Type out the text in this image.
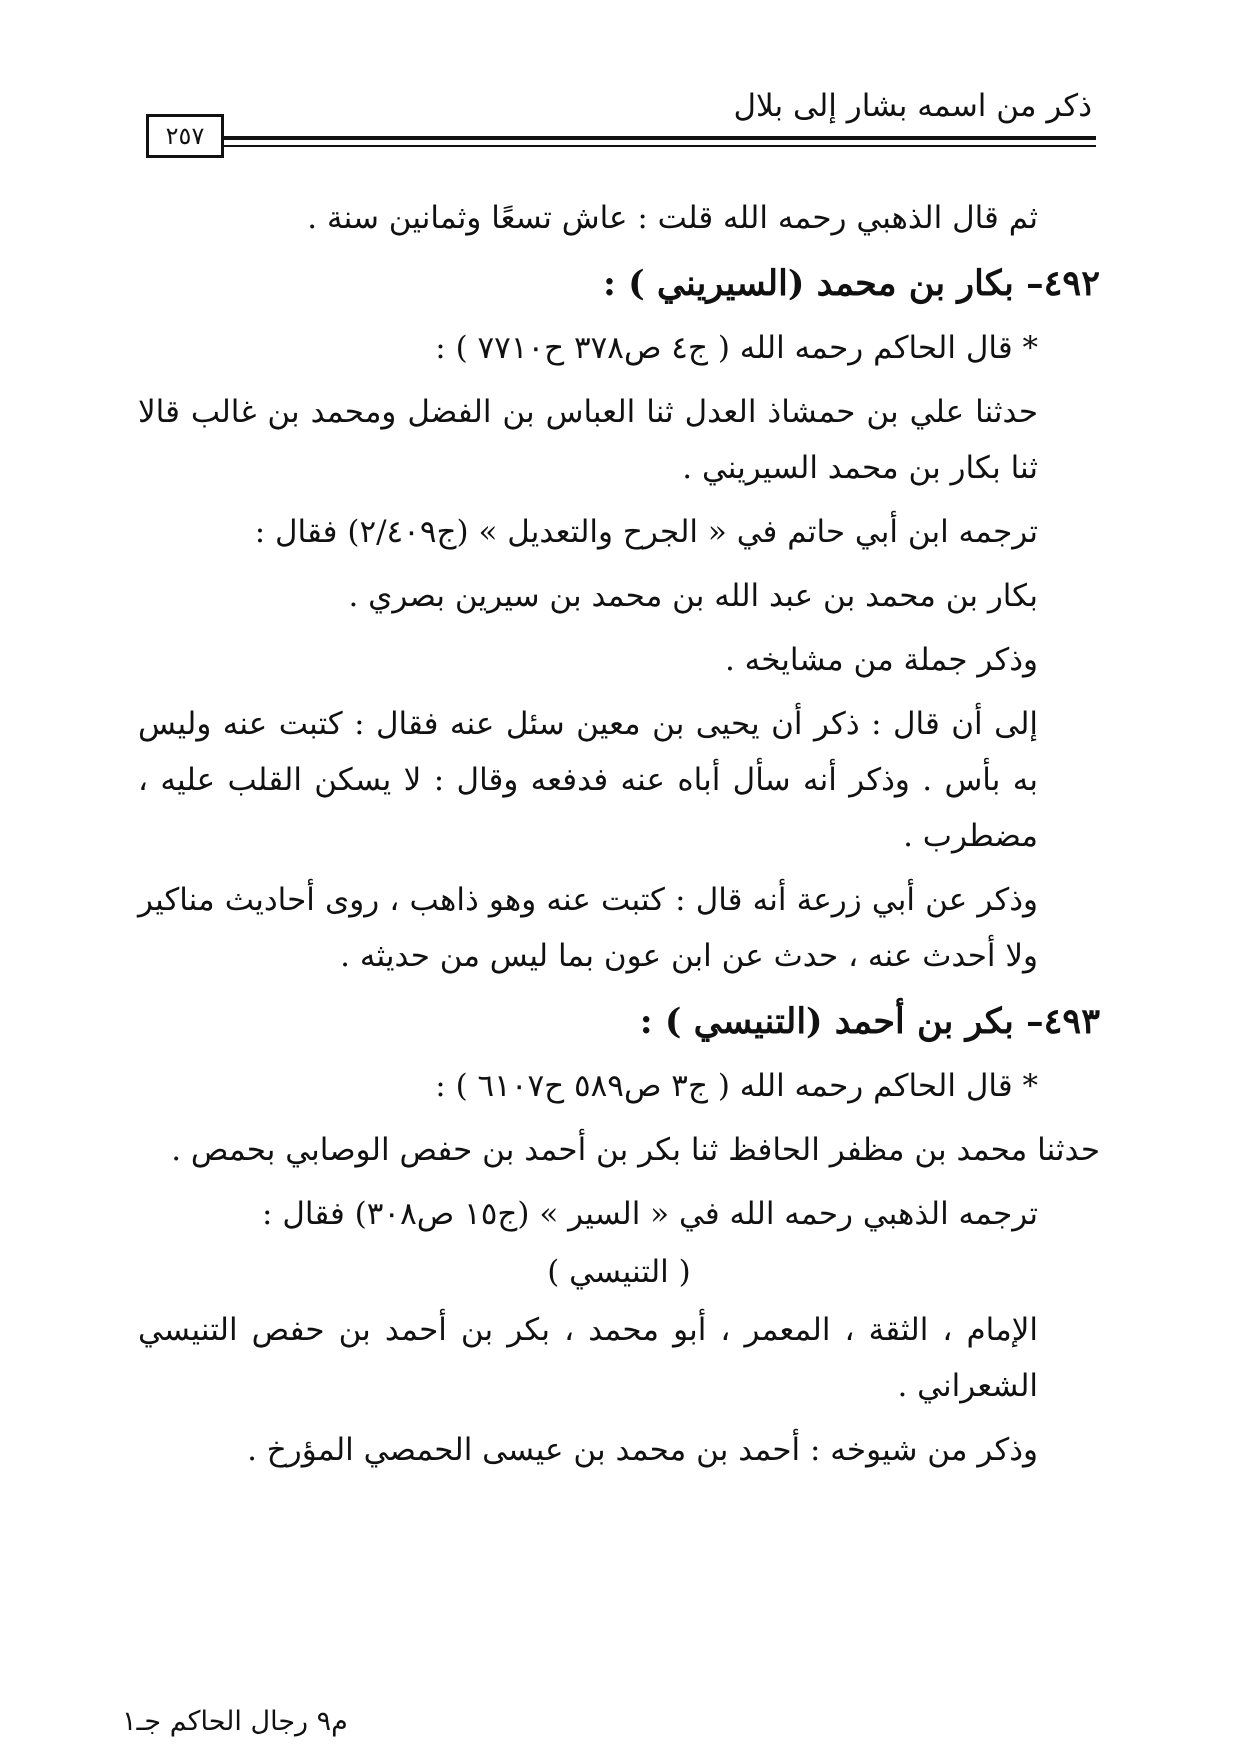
ذكر من اسمه بشار إلى بلال
٢٥٧

ثم قال الذهبي رحمه الله قلت : عاش تسعًا وثمانين سنة .

٤٩٢– بكار بن محمد (السيريني ) :

* قال الحاكم رحمه الله ( ج٤ ص٣٧٨ ح٧٧١٠ ) :

حدثنا علي بن حمشاذ العدل ثنا العباس بن الفضل ومحمد بن غالب قالا ثنا بكار بن محمد السيريني .

ترجمه ابن أبي حاتم في « الجرح والتعديل » (ج٢/٤٠٩) فقال :

بكار بن محمد بن عبد الله بن محمد بن سيرين بصري .

وذكر جملة من مشايخه .

إلى أن قال : ذكر أن يحيى بن معين سئل عنه فقال : كتبت عنه وليس به بأس . وذكر أنه سأل أباه عنه فدفعه وقال : لا يسكن القلب عليه ، مضطرب .

وذكر عن أبي زرعة أنه قال : كتبت عنه وهو ذاهب ، روى أحاديث مناكير ولا أحدث عنه ، حدث عن ابن عون بما ليس من حديثه .

٤٩٣– بكر بن أحمد (التنيسي ) :

* قال الحاكم رحمه الله ( ج٣ ص٥٨٩ ح٦١٠٧ ) :

حدثنا محمد بن مظفر الحافظ ثنا بكر بن أحمد بن حفص الوصابي بحمص .

ترجمه الذهبي رحمه الله في « السير » (ج١٥ ص٣٠٨) فقال :

( التنيسي )

الإمام ، الثقة ، المعمر ، أبو محمد ، بكر بن أحمد بن حفص التنيسي الشعراني .

وذكر من شيوخه : أحمد بن محمد بن عيسى الحمصي المؤرخ .

م٩ رجال الحاكم جـ١
